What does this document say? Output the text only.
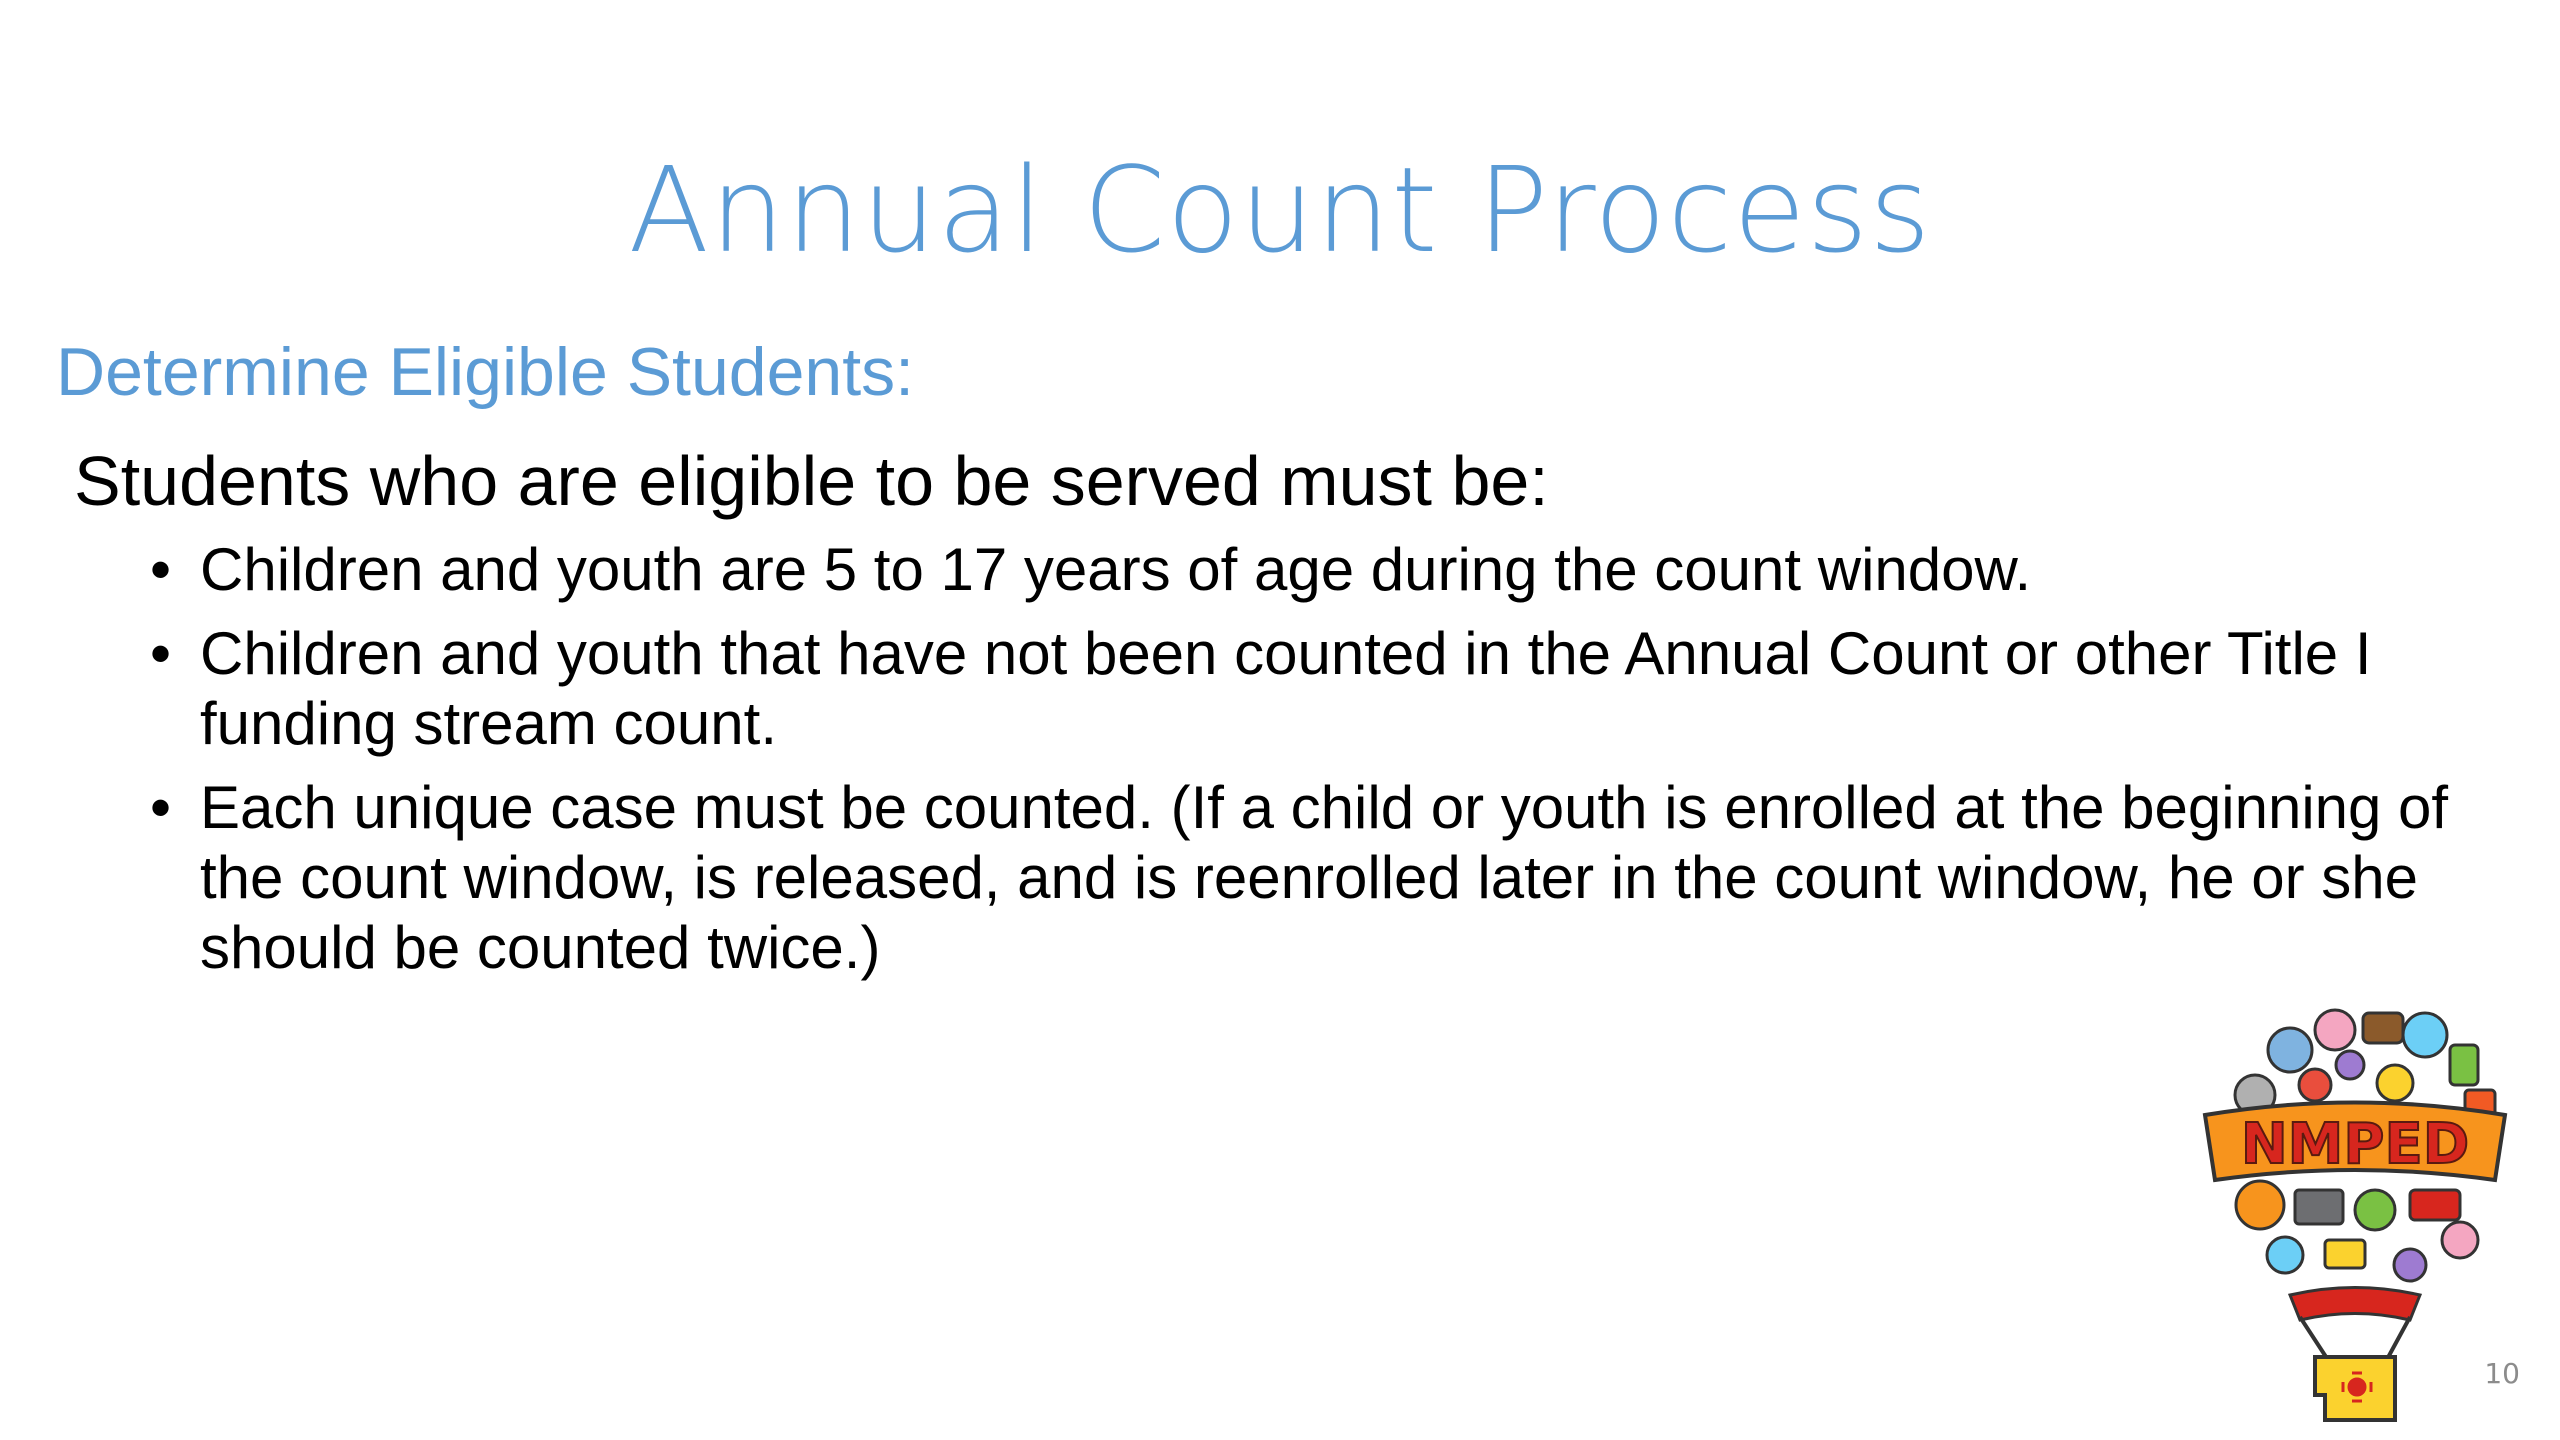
Annual Count Process
Determine Eligible Students:
Students who are eligible to be served must be:
• Children and youth are 5 to 17 years of age during the count window.
• Children and youth that have not been counted in the Annual Count or other Title I funding stream count.
• Each unique case must be counted. (If a child or youth is enrolled at the beginning of the count window, is released, and is reenrolled later in the count window, he or she should be counted twice.)
NMPED
10
